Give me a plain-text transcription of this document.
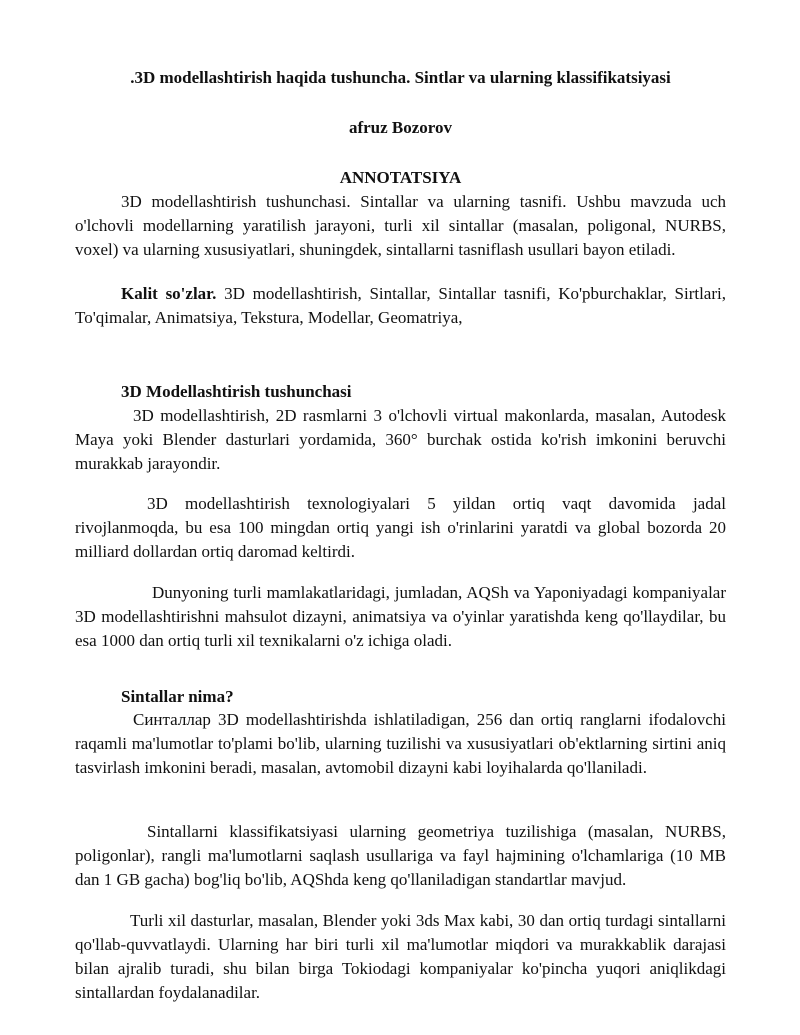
.3D modellashtirish haqida tushuncha. Sintlar va ularning klassifikatsiyasi
afruz Bozorov
ANNOTATSIYA

3D modellashtirish tushunchasi. Sintallar va ularning tasnifi. Ushbu mavzuda uch o'lchovli modellarning yaratilish jarayoni, turli xil sintallar (masalan, poligonal, NURBS, voxel) va ularning xususiyatlari, shuningdek, sintallarni tasniflash usullari bayon etiladi.

Kalit so'zlar. 3D modellashtirish, Sintallar, Sintallar tasnifi, Ko'pburchaklar, Sirtlari, To'qimalar, Animatsiya, Tekstura, Modellar, Geomatriya,

3D Modellashtirish tushunchasi

3D modellashtirish, 2D rasmlarni 3 o'lchovli virtual makonlarda, masalan, Autodesk Maya yoki Blender dasturlari yordamida, 360° burchak ostida ko'rish imkonini beruvchi murakkab jarayondir.

3D modellashtirish texnologiyalari 5 yildan ortiq vaqt davomida jadal rivojlanmoqda, bu esa 100 mingdan ortiq yangi ish o'rinlarini yaratdi va global bozorda 20 milliard dollardan ortiq daromad keltirdi.

Dunyoning turli mamlakatlaridagi, jumladan, AQSh va Yaponiyadagi kompaniyalar 3D modellashtirishni mahsulot dizayni, animatsiya va o'yinlar yaratishda keng qo'llaydilar, bu esa 1000 dan ortiq turli xil texnikalarni o'z ichiga oladi.

Sintallar nima?

Синталлар 3D modellashtirishda ishlatiladigan, 256 dan ortiq ranglarni ifodalovchi raqamli ma'lumotlar to'plami bo'lib, ularning tuzilishi va xususiyatlari ob'ektlarning sirtini aniq tasvirlash imkonini beradi, masalan, avtomobil dizayni kabi loyihalarda qo'llaniladi.

Sintallarni klassifikatsiyasi ularning geometriya tuzilishiga (masalan, NURBS, poligonlar), rangli ma'lumotlarni saqlash usullariga va fayl hajmining o'lchamlariga (10 MB dan 1 GB gacha) bog'liq bo'lib, AQShda keng qo'llaniladigan standartlar mavjud.

Turli xil dasturlar, masalan, Blender yoki 3ds Max kabi, 30 dan ortiq turdagi sintallarni qo'llab-quvvatlaydi. Ularning har biri turli xil ma'lumotlar miqdori va murakkablik darajasi bilan ajralib turadi, shu bilan birga Tokiodagi kompaniyalar ko'pincha yuqori aniqlikdagi sintallardan foydalanadilar.
